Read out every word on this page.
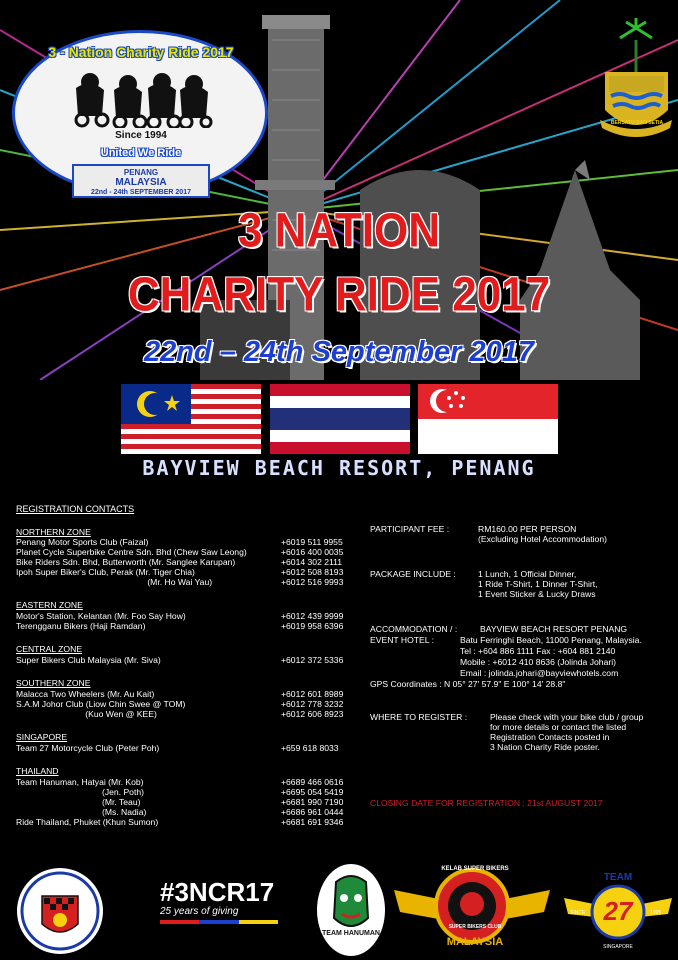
3 - Nation Charity Ride 2017
Since 1994
United We Ride
PENANG
MALAYSIA
22nd - 24th SEPTEMBER 2017
BERSATU DAN SETIA
3 NATION
CHARITY RIDE 2017
22nd – 24th September 2017
BAYVIEW BEACH RESORT, PENANG
REGISTRATION CONTACTS
NORTHERN ZONE
Penang Motor Sports Club (Faizal)	+6019 511 9955
Planet Cycle Superbike Centre Sdn. Bhd (Chew Saw Leong)	+6016 400 0035
Bike Riders Sdn. Bhd, Butterworth (Mr. Sanglee Karupan)	+6014 302 2111
Ipoh Super Biker's Club, Perak (Mr. Tiger Chia)	+6012 508 8193
(Mr. Ho Wai Yau)	+6012 516 9993
EASTERN ZONE
Motor's Station, Kelantan (Mr. Foo Say How)	+6012 439 9999
Terengganu Bikers (Haji Ramdan)	+6019 958 6396
CENTRAL ZONE
Super Bikers Club Malaysia (Mr. Siva)	+6012 372 5336
SOUTHERN ZONE
Malacca Two Wheelers (Mr. Au Kait)	+6012 601 8989
S.A.M Johor Club (Liow Chin Swee @ TOM)	+6012 778 3232
(Kuo Wen @ KEE)	+6012 606 8923
SINGAPORE
Team 27 Motorcycle Club (Peter Poh)	+659 618 8033
THAILAND
Team Hanuman, Hatyai (Mr. Kob)	+6689 466 0616
(Jen. Poth)	+6695 054 5419
(Mr. Teau)	+6681 990 7190
(Ms. Nadia)	+6686 961 0444
Ride Thailand, Phuket (Khun Sumon)	+6681 691 9346
PARTICIPANT FEE :	RM160.00 PER PERSON
(Excluding Hotel Accommodation)
PACKAGE INCLUDE :	1 Lunch, 1 Official Dinner,
1 Ride T-Shirt, 1 Dinner T-Shirt,
1 Event Sticker & Lucky Draws
ACCOMMODATION / :	BAYVIEW BEACH RESORT PENANG
EVENT HOTEL :	Batu Ferringhi Beach, 11000 Penang, Malaysia.
Tel : +604 886 1111 Fax : +604 881 2140
Mobile : +6012 410 8636 (Jolinda Johari)
Email : jolinda.johari@bayviewhotels.com
GPS Coordinates : N 05° 27' 57.9" E 100° 14' 28.8"
WHERE TO REGISTER :	Please check with your bike club / group
for more details or contact the listed
Registration Contacts posted in
3 Nation Charity Ride poster.
CLOSING DATE FOR REGISTRATION : 21st AUGUST 2017
#3NCR17
25 years of giving
TEAM HANUMAN
KELAB SUPER BIKERS
SUPER BIKERS CLUB
MALAYSIA
TEAM
27
SINCE	1995
SINGAPORE
